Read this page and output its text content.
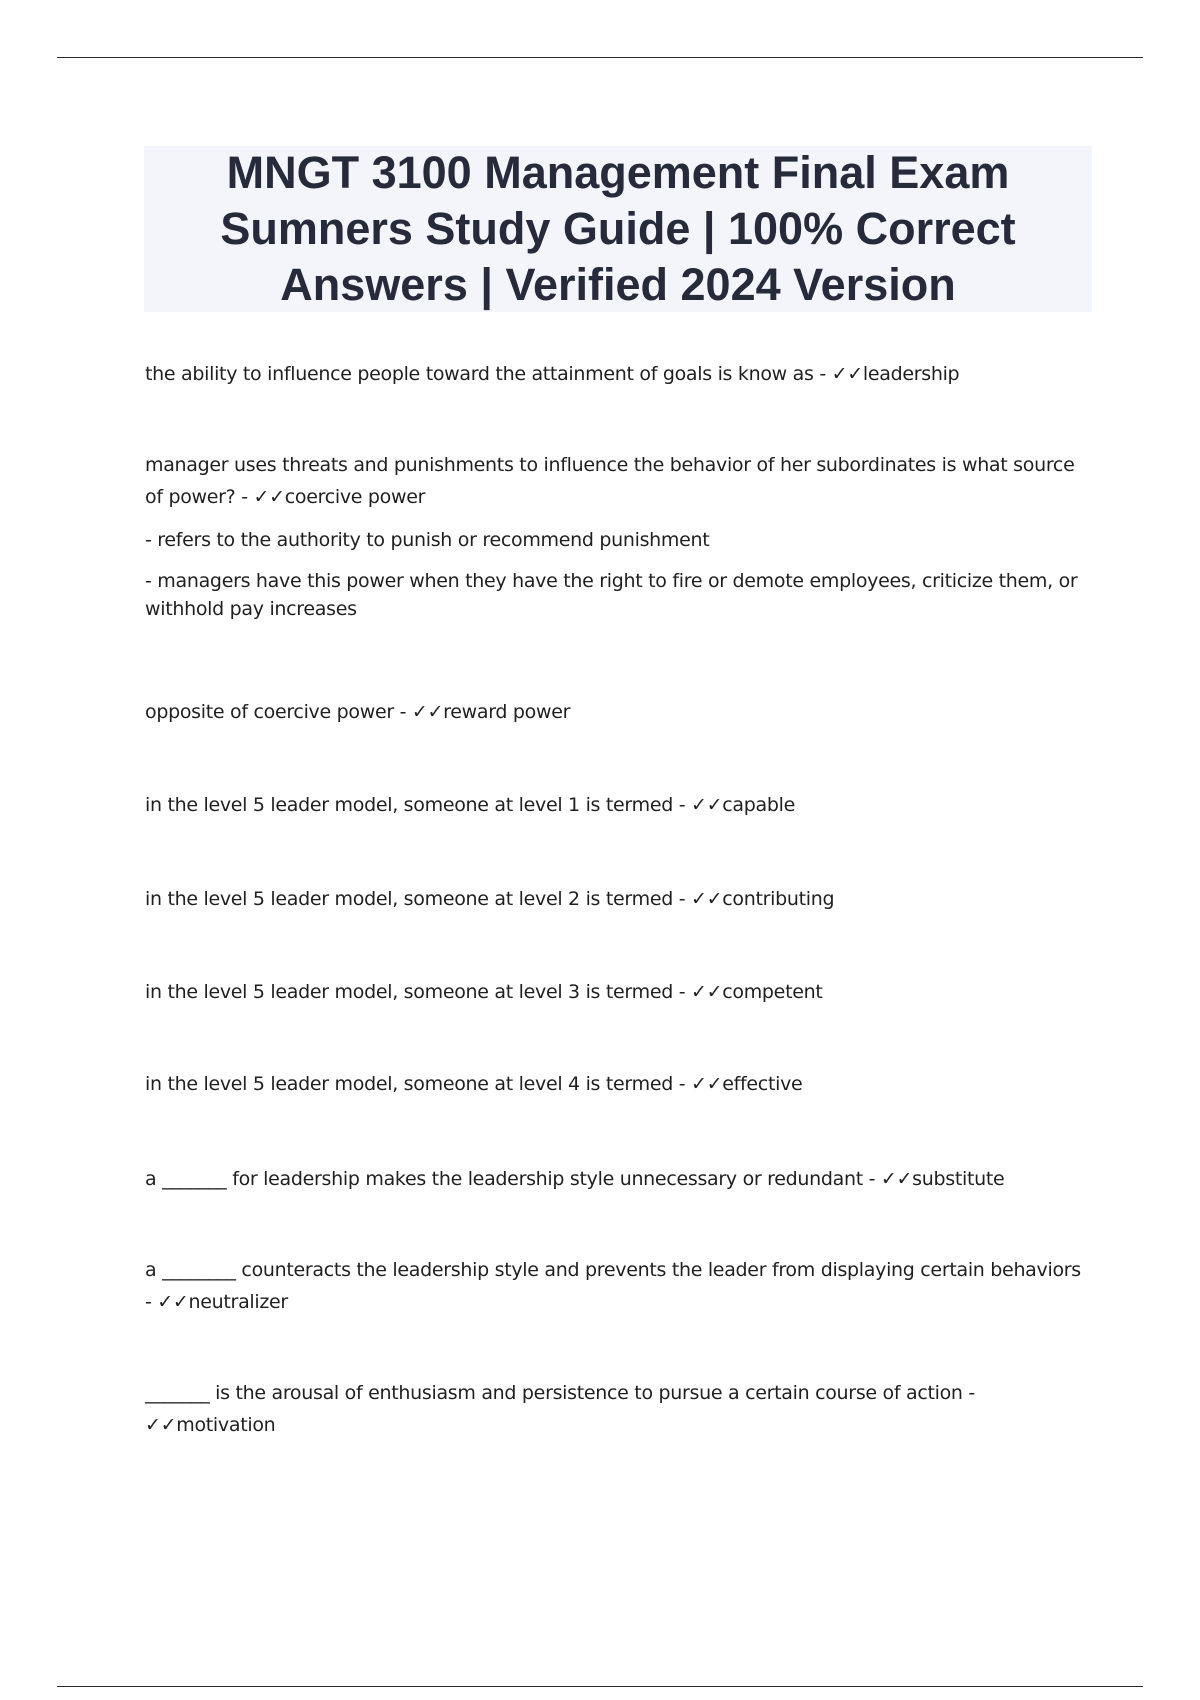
MNGT 3100 Management Final Exam Sumners Study Guide | 100% Correct Answers | Verified 2024 Version

the ability to influence people toward the attainment of goals is know as - ✓✓leadership

manager uses threats and punishments to influence the behavior of her subordinates is what source of power? - ✓✓coercive power

- refers to the authority to punish or recommend punishment

- managers have this power when they have the right to fire or demote employees, criticize them, or withhold pay increases

opposite of coercive power - ✓✓reward power

in the level 5 leader model, someone at level 1 is termed - ✓✓capable

in the level 5 leader model, someone at level 2 is termed - ✓✓contributing

in the level 5 leader model, someone at level 3 is termed - ✓✓competent

in the level 5 leader model, someone at level 4 is termed - ✓✓effective

a _______ for leadership makes the leadership style unnecessary or redundant - ✓✓substitute

a ________ counteracts the leadership style and prevents the leader from displaying certain behaviors - ✓✓neutralizer

_______ is the arousal of enthusiasm and persistence to pursue a certain course of action - ✓✓motivation
